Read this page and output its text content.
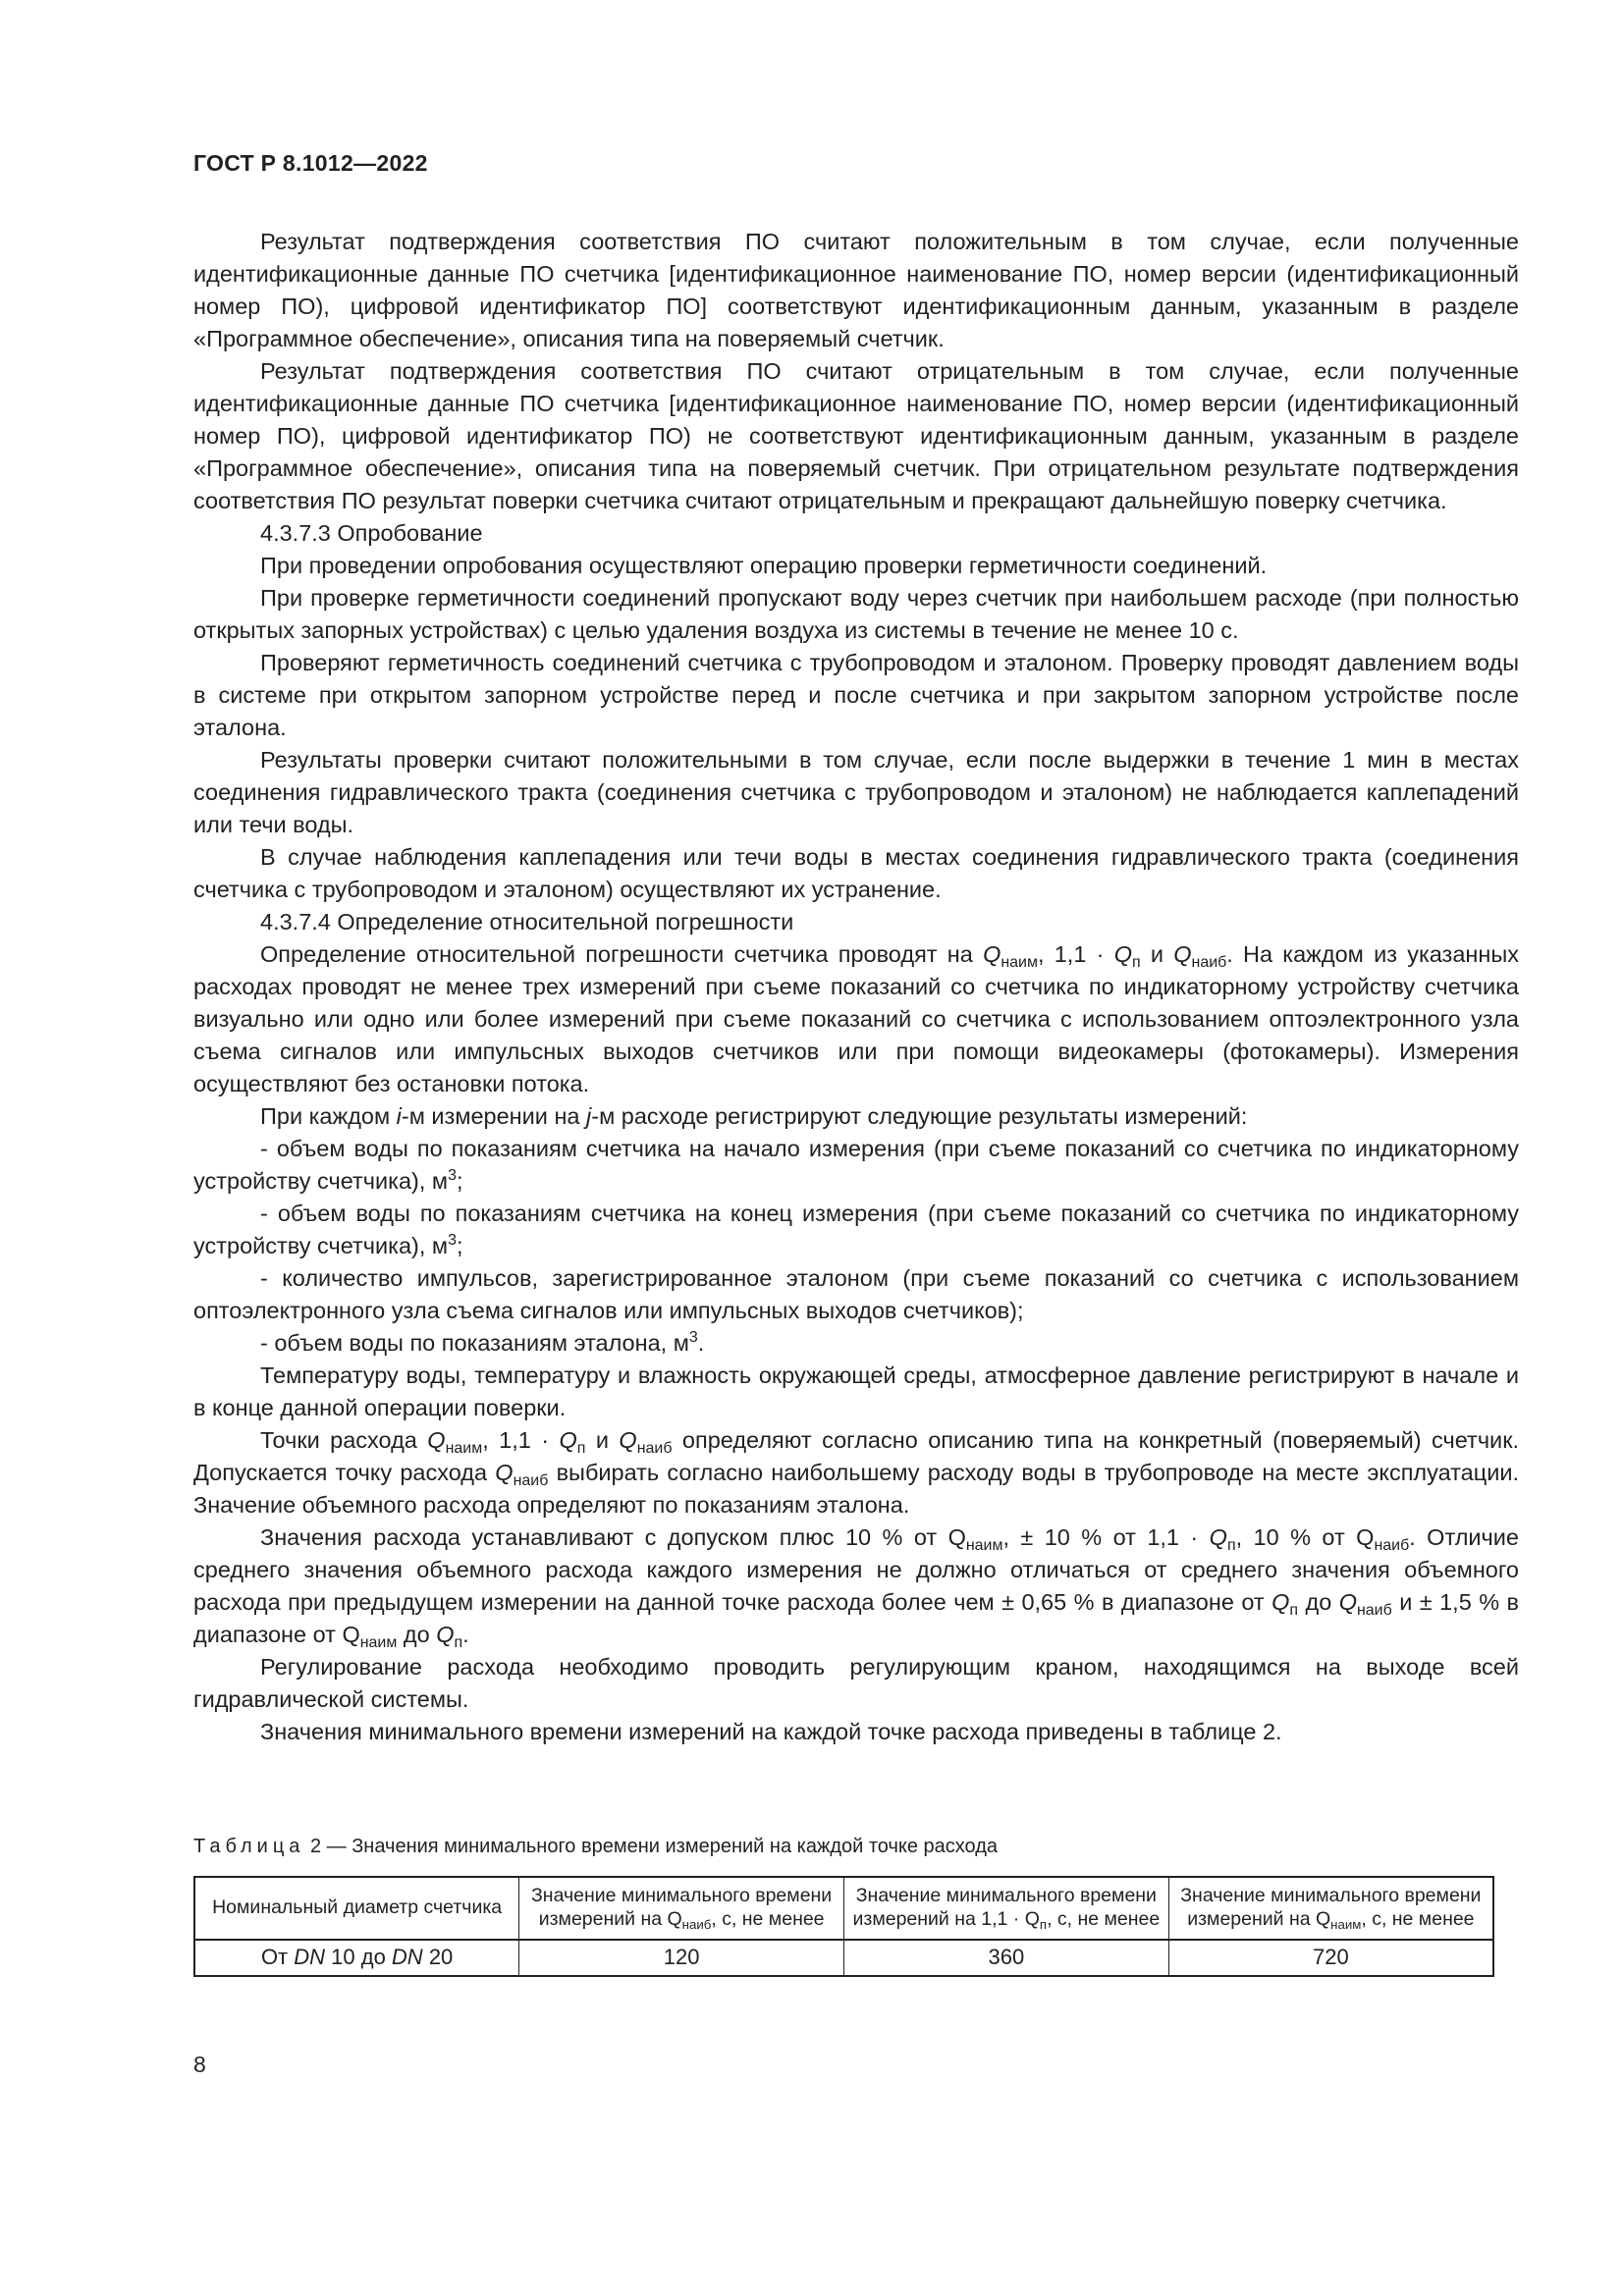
ГОСТ Р 8.1012—2022

Результат подтверждения соответствия ПО считают положительным в том случае, если полученные идентификационные данные ПО счетчика [идентификационное наименование ПО, номер версии (идентификационный номер ПО), цифровой идентификатор ПО] соответствуют идентификационным данным, указанным в разделе «Программное обеспечение», описания типа на поверяемый счетчик.

Результат подтверждения соответствия ПО считают отрицательным в том случае, если полученные идентификационные данные ПО счетчика [идентификационное наименование ПО, номер версии (идентификационный номер ПО), цифровой идентификатор ПО) не соответствуют идентификационным данным, указанным в разделе «Программное обеспечение», описания типа на поверяемый счетчик. При отрицательном результате подтверждения соответствия ПО результат поверки счетчика считают отрицательным и прекращают дальнейшую поверку счетчика.

4.3.7.3 Опробование

При проведении опробования осуществляют операцию проверки герметичности соединений.

При проверке герметичности соединений пропускают воду через счетчик при наибольшем расходе (при полностью открытых запорных устройствах) с целью удаления воздуха из системы в течение не менее 10 с.

Проверяют герметичность соединений счетчика с трубопроводом и эталоном. Проверку проводят давлением воды в системе при открытом запорном устройстве перед и после счетчика и при закрытом запорном устройстве после эталона.

Результаты проверки считают положительными в том случае, если после выдержки в течение 1 мин в местах соединения гидравлического тракта (соединения счетчика с трубопроводом и эталоном) не наблюдается каплепадений или течи воды.

В случае наблюдения каплепадения или течи воды в местах соединения гидравлического тракта (соединения счетчика с трубопроводом и эталоном) осуществляют их устранение.

4.3.7.4 Определение относительной погрешности

Определение относительной погрешности счетчика проводят на $Q_{наим}$, $1,1 \cdot Q_п$ и $Q_{наиб}$. На каждом из указанных расходах проводят не менее трех измерений при съеме показаний со счетчика по индикаторному устройству счетчика визуально или одно или более измерений при съеме показаний со счетчика с использованием оптоэлектронного узла съема сигналов или импульсных выходов счетчиков или при помощи видеокамеры (фотокамеры). Измерения осуществляют без остановки потока.

При каждом i-м измерении на j-м расходе регистрируют следующие результаты измерений:

- объем воды по показаниям счетчика на начало измерения (при съеме показаний со счетчика по индикаторному устройству счетчика), $м^3$;

- объем воды по показаниям счетчика на конец измерения (при съеме показаний со счетчика по индикаторному устройству счетчика), $м^3$;

- количество импульсов, зарегистрированное эталоном (при съеме показаний со счетчика с использованием оптоэлектронного узла съема сигналов или импульсных выходов счетчиков);

- объем воды по показаниям эталона, $м^3$.

Температуру воды, температуру и влажность окружающей среды, атмосферное давление регистрируют в начале и в конце данной операции поверки.

Точки расхода $Q_{наим}$, $1,1 \cdot Q_п$ и $Q_{наиб}$ определяют согласно описанию типа на конкретный (поверяемый) счетчик. Допускается точку расхода $Q_{наиб}$ выбирать согласно наибольшему расходу воды в трубопроводе на месте эксплуатации. Значение объемного расхода определяют по показаниям эталона.

Значения расхода устанавливают с допуском плюс 10 % от $Q_{наим}$, ± 10 % от $1,1 \cdot Q_п$, 10 % от $Q_{наиб}$. Отличие среднего значения объемного расхода каждого измерения не должно отличаться от среднего значения объемного расхода при предыдущем измерении на данной точке расхода более чем ± 0,65 % в диапазоне от $Q_п$ до $Q_{наиб}$ и ± 1,5 % в диапазоне от $Q_{наим}$ до $Q_п$.

Регулирование расхода необходимо проводить регулирующим краном, находящимся на выходе всей гидравлической системы.

Значения минимального времени измерений на каждой точке расхода приведены в таблице 2.

Таблица 2 — Значения минимального времени измерений на каждой точке расхода
Номинальный диаметр счетчика	Значение минимального времени измерений на $Q_{наиб}$, с, не менее	Значение минимального времени измерений на $1,1 \cdot Q_п$, с, не менее	Значение минимального времени измерений на $Q_{наим}$, с, не менее
От DN 10 до DN 20	120	360	720
8
